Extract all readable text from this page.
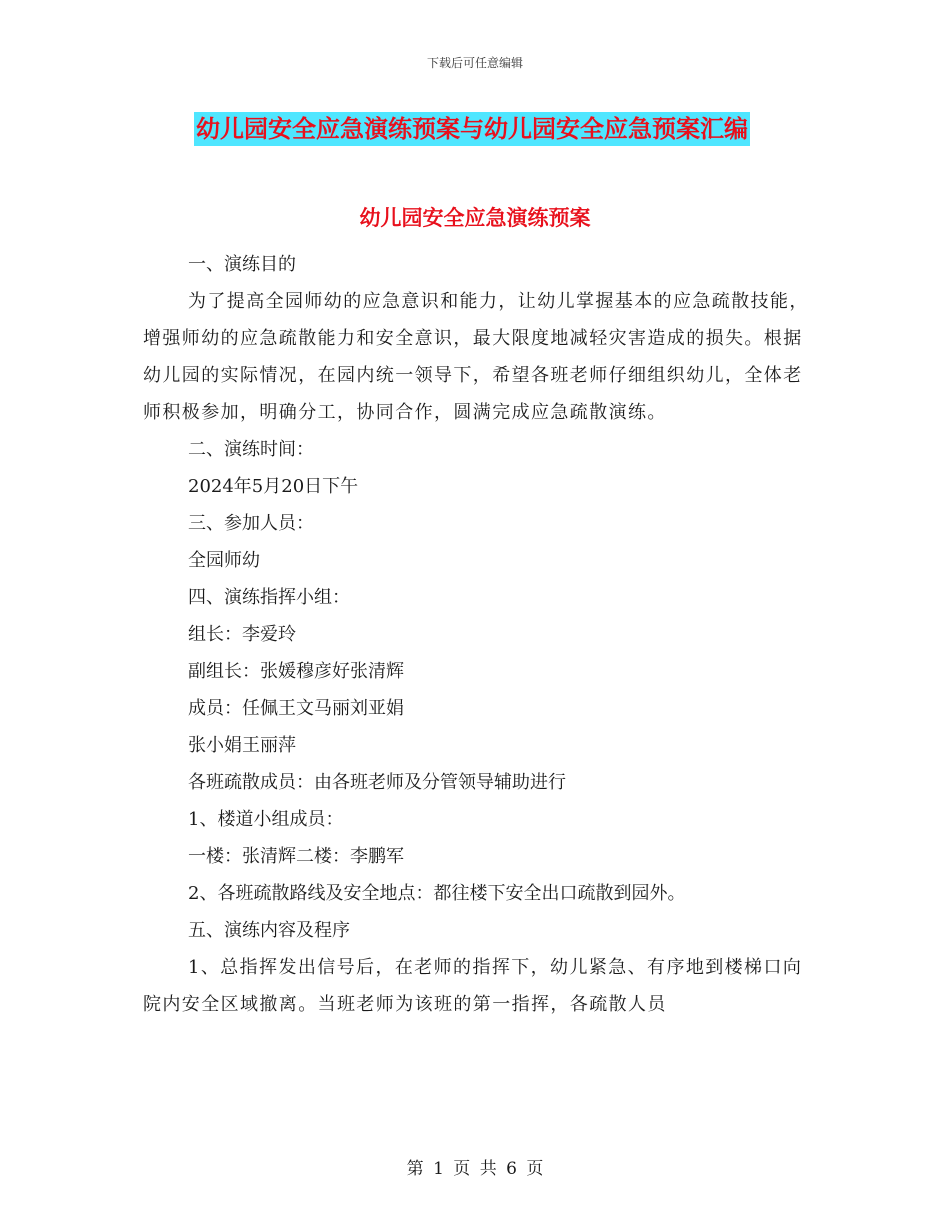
下载后可任意编辑
幼儿园安全应急演练预案与幼儿园安全应急预案汇编
幼儿园安全应急演练预案

一、演练目的

为了提高全园师幼的应急意识和能力，让幼儿掌握基本的应急疏散技能，增强师幼的应急疏散能力和安全意识，最大限度地减轻灾害造成的损失。根据幼儿园的实际情况，在园内统一领导下，希望各班老师仔细组织幼儿，全体老师积极参加，明确分工，协同合作，圆满完成应急疏散演练。

二、演练时间：

2024年5月20日下午

三、参加人员：

全园师幼

四、演练指挥小组：

组长：李爱玲

副组长：张媛穆彦好张清辉

成员：任佩王文马丽刘亚娟

张小娟王丽萍

各班疏散成员：由各班老师及分管领导辅助进行

1、楼道小组成员：

一楼：张清辉二楼：李鹏军

2、各班疏散路线及安全地点：都往楼下安全出口疏散到园外。

五、演练内容及程序

1、总指挥发出信号后，在老师的指挥下，幼儿紧急、有序地到楼梯口向院内安全区域撤离。当班老师为该班的第一指挥，各疏散人员

第 1 页 共 6 页
